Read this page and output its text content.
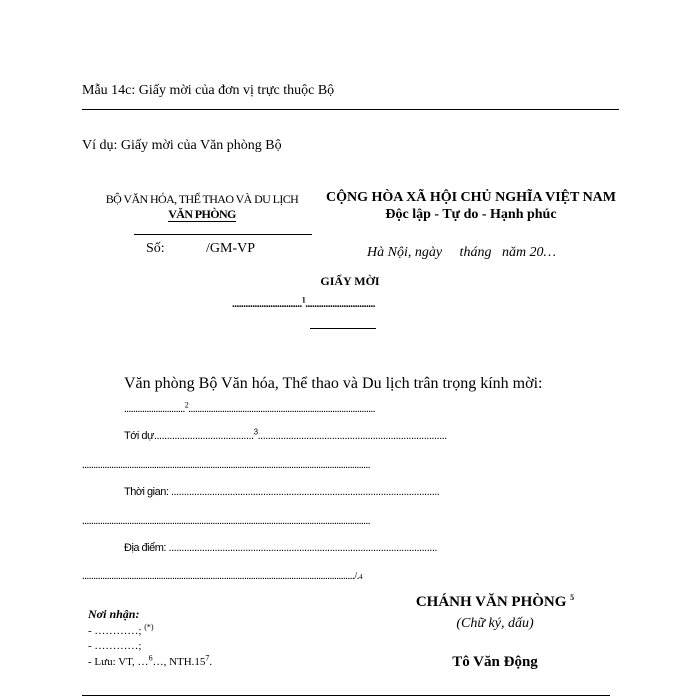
Mẫu 14c: Giấy mời của đơn vị trực thuộc Bộ
Ví dụ: Giấy mời của Văn phòng Bộ
BỘ VĂN HÓA, THỂ THAO VÀ DU LỊCH
VĂN PHÒNG
Số:	/GM-VP
CỘNG HÒA XÃ HỘI CHỦ NGHĨA VIỆT NAM
Độc lập - Tự do - Hạnh phúc
Hà Nội, ngày     tháng   năm 20…
GIẤY MỜI
...............................$^1$...............................
Văn phòng Bộ Văn hóa, Thể thao và Du lịch trân trọng kính mời:
...........................$^2$...................................................................................
Tới dự.......................................$^3$..........................................................................
................................................................................................................................
Thời gian: .........................................................................................................
................................................................................................................................
Địa điểm: .........................................................................................................
........................................................................................................................./.4
Nơi nhận:
- …………; (*)
- …………;
- Lưu: VT, …$^6$…, $NTH.15^7$.
CHÁNH VĂN PHÒNG $^5$
(Chữ ký, dấu)
Tô Văn Động
